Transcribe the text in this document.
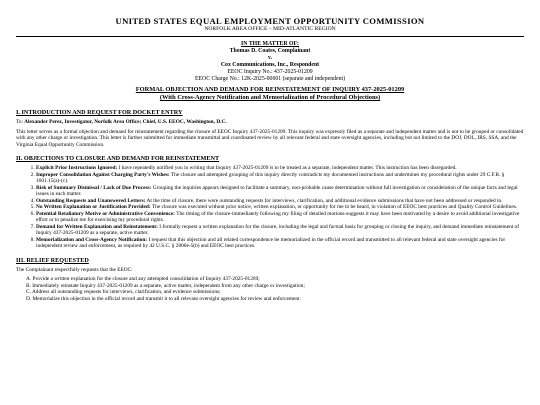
UNITED STATES EQUAL EMPLOYMENT OPPORTUNITY COMMISSION
NORFOLK AREA OFFICE – MID-ATLANTIC REGION
IN THE MATTER OF:
Thomas D. Coates, Complainant
v.
Cox Communications, Inc., Respondent
EEOC Inquiry No.: 437-2025-01209
EEOC Charge No.: 12K-2025-00001 (separate and independent)
FORMAL OBJECTION AND DEMAND FOR REINSTATEMENT OF INQUIRY 437-2025-01209
(With Cross-Agency Notification and Memorialization of Procedural Objections)
I. INTRODUCTION AND REQUEST FOR DOCKET ENTRY
To: Alexander Perez, Investigator, Norfolk Area Office; Chief, U.S. EEOC, Washington, D.C.
This letter serves as a formal objection and demand for reinstatement regarding the closure of EEOC Inquiry 437-2025-01209. This inquiry was expressly filed as a separate and independent matter and is not to be grouped or consolidated with any other charge or investigation. This letter is further submitted for immediate transmittal and coordinated review by all relevant federal and state oversight agencies, including but not limited to the DOJ, DOL, IRS, SSA, and the Virginia Equal Opportunity Commission.
II. OBJECTIONS TO CLOSURE AND DEMAND FOR REINSTATEMENT
1. Explicit Prior Instructions Ignored: I have repeatedly notified you in writing that Inquiry 437-2025-01209 is to be treated as a separate, independent matter. This instruction has been disregarded.
2. Improper Consolidation Against Charging Party's Wishes: The closure and attempted grouping of this inquiry directly contradicts my documented instructions and undermines my procedural rights under 29 C.F.R. § 1601.15(a)-(c).
3. Risk of Summary Dismissal / Lack of Due Process: Grouping the inquiries appears designed to facilitate a summary, non-probable cause determination without full investigation or consideration of the unique facts and legal issues in each matter.
4. Outstanding Requests and Unanswered Letters: At the time of closure, there were outstanding requests for interviews, clarification, and additional evidence submissions that have not been addressed or responded to.
5. No Written Explanation or Justification Provided: The closure was executed without prior notice, written explanation, or opportunity for me to be heard, in violation of EEOC best practices and Quality Control Guidelines.
6. Potential Retaliatory Motive or Administrative Convenience: The timing of the closure-immediately following my filing of detailed motions-suggests it may have been motivated by a desire to avoid additional investigative effort or to penalize me for exercising my procedural rights.
7. Demand for Written Explanation and Reinstatement: I formally request a written explanation for the closure, including the legal and factual basis for grouping or closing the inquiry, and demand immediate reinstatement of Inquiry 437-2025-01209 as a separate, active matter.
8. Memorialization and Cross-Agency Notification: I request that this objection and all related correspondence be memorialized in the official record and transmitted to all relevant federal and state oversight agencies for independent review and enforcement, as required by 42 U.S.C. § 2000e-5(b) and EEOC best practices.
III. RELIEF REQUESTED
The Complainant respectfully requests that the EEOC:
A. Provide a written explanation for the closure and any attempted consolidation of Inquiry 437-2025-01209;
B. Immediately reinstate Inquiry 437-2025-01209 as a separate, active matter, independent from any other charge or investigation;
C. Address all outstanding requests for interviews, clarification, and evidence submissions;
D. Memorialize this objection in the official record and transmit it to all relevant oversight agencies for review and enforcement.
